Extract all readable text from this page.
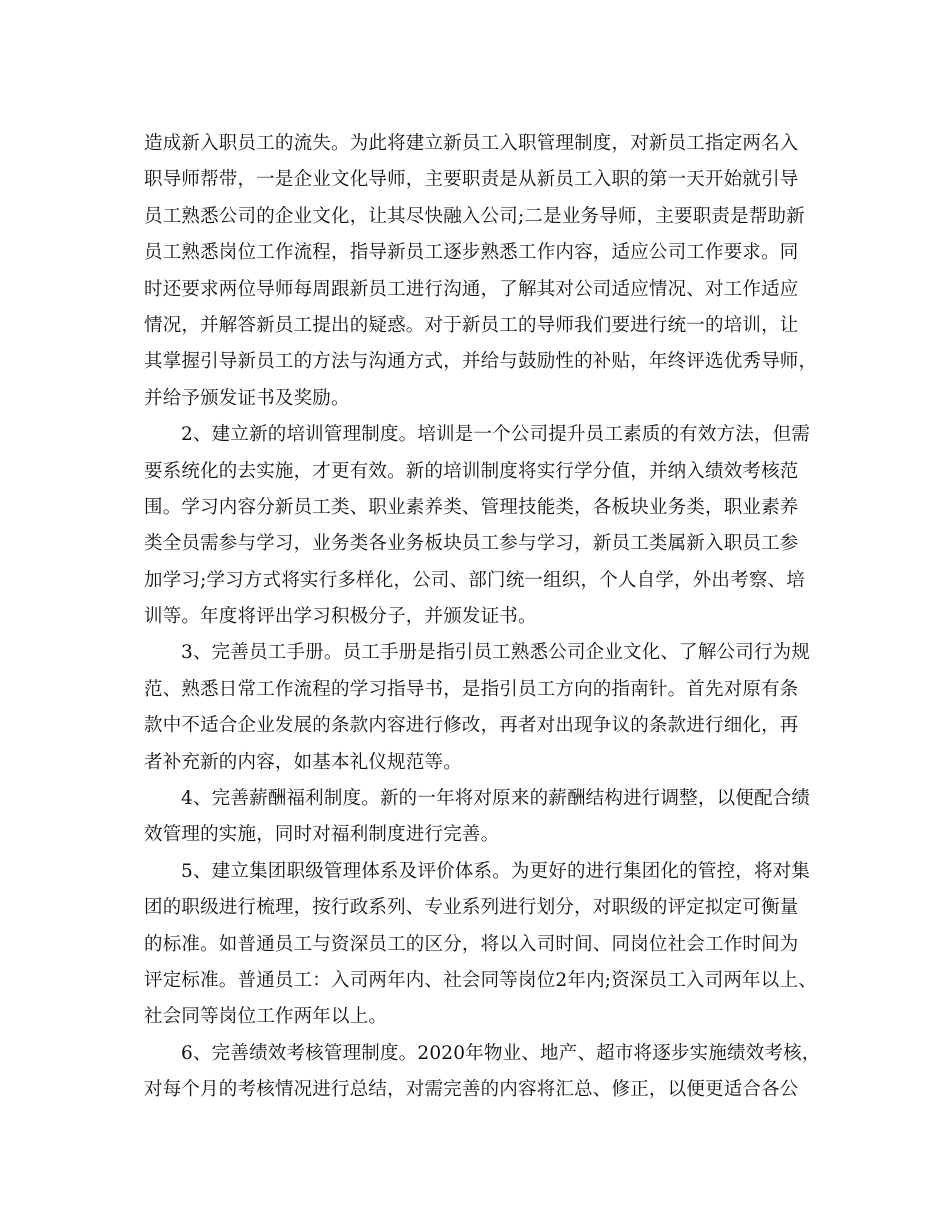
造成新入职员工的流失。为此将建立新员工入职管理制度，对新员工指定两名入
职导师帮带，一是企业文化导师，主要职责是从新员工入职的第一天开始就引导
员工熟悉公司的企业文化，让其尽快融入公司;二是业务导师，主要职责是帮助新
员工熟悉岗位工作流程，指导新员工逐步熟悉工作内容，适应公司工作要求。同
时还要求两位导师每周跟新员工进行沟通，了解其对公司适应情况、对工作适应
情况，并解答新员工提出的疑惑。对于新员工的导师我们要进行统一的培训，让
其掌握引导新员工的方法与沟通方式，并给与鼓励性的补贴，年终评选优秀导师，
并给予颁发证书及奖励。
2、建立新的培训管理制度。培训是一个公司提升员工素质的有效方法，但需
要系统化的去实施，才更有效。新的培训制度将实行学分值，并纳入绩效考核范
围。学习内容分新员工类、职业素养类、管理技能类，各板块业务类，职业素养
类全员需参与学习，业务类各业务板块员工参与学习，新员工类属新入职员工参
加学习;学习方式将实行多样化，公司、部门统一组织，个人自学，外出考察、培
训等。年度将评出学习积极分子，并颁发证书。
3、完善员工手册。员工手册是指引员工熟悉公司企业文化、了解公司行为规
范、熟悉日常工作流程的学习指导书，是指引员工方向的指南针。首先对原有条
款中不适合企业发展的条款内容进行修改，再者对出现争议的条款进行细化，再
者补充新的内容，如基本礼仪规范等。
4、完善薪酬福利制度。新的一年将对原来的薪酬结构进行调整，以便配合绩
效管理的实施，同时对福利制度进行完善。
5、建立集团职级管理体系及评价体系。为更好的进行集团化的管控，将对集
团的职级进行梳理，按行政系列、专业系列进行划分，对职级的评定拟定可衡量
的标准。如普通员工与资深员工的区分，将以入司时间、同岗位社会工作时间为
评定标准。普通员工：入司两年内、社会同等岗位2年内;资深员工入司两年以上、
社会同等岗位工作两年以上。
6、完善绩效考核管理制度。2020年物业、地产、超市将逐步实施绩效考核，
对每个月的考核情况进行总结，对需完善的内容将汇总、修正，以便更适合各公
